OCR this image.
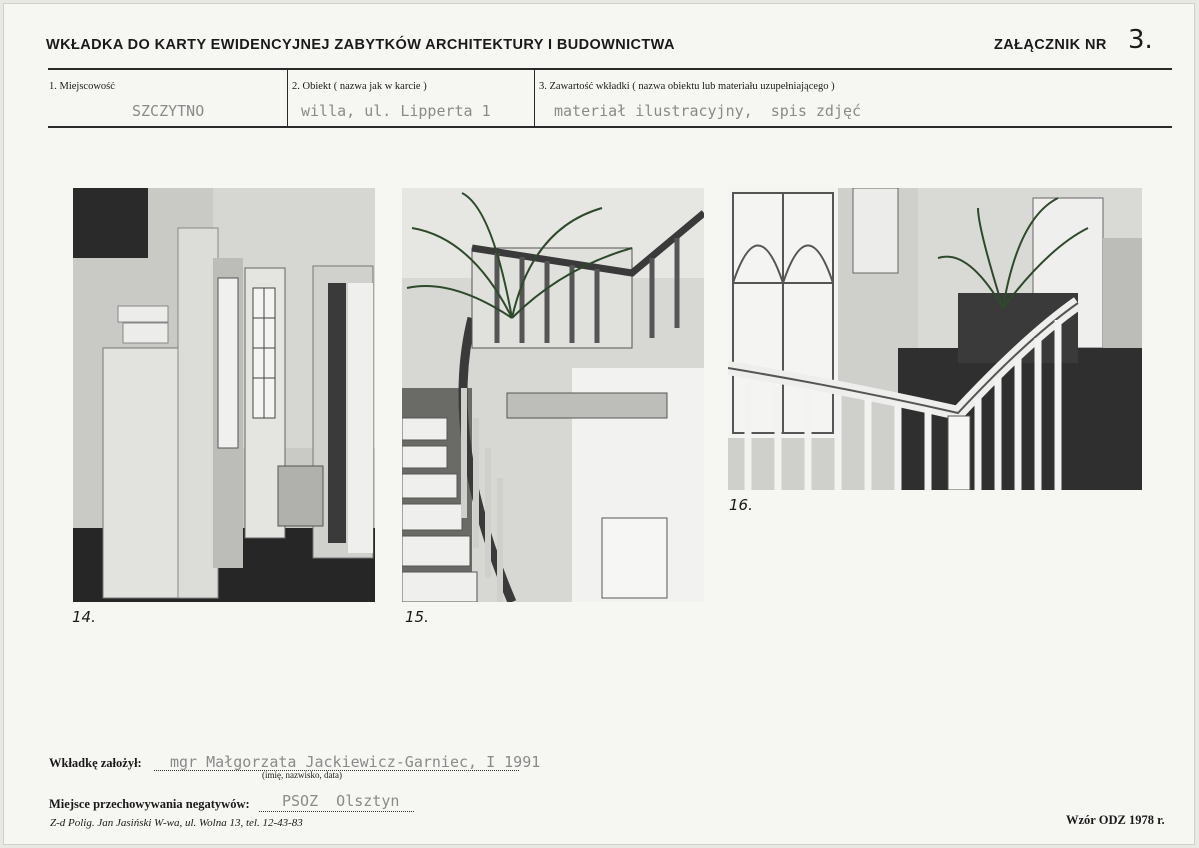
WKŁADKA DO KARTY EWIDENCYJNEJ ZABYTKÓW ARCHITEKTURY I BUDOWNICTWA	ZAŁĄCZNIK NR 3.
1. Miejscowość
SZCZYTNO
2. Obiekt ( nazwa jak w karcie )
willa, ul. Lipperta 1
3. Zawartość wkładki ( nazwa obiektu lub materiału uzupełniającego )
materiał ilustracyjny,  spis zdjęć
14.	15.
16.
Wkładkę założył: mgr Małgorzata Jackiewicz-Garniec, I 1991
(imię, nazwisko, data)
Miejsce przechowywania negatywów: PSOZ  Olsztyn
Z-d Polig. Jan Jasiński W-wa, ul. Wolna 13, tel. 12-43-83	Wzór ODZ 1978 r.
